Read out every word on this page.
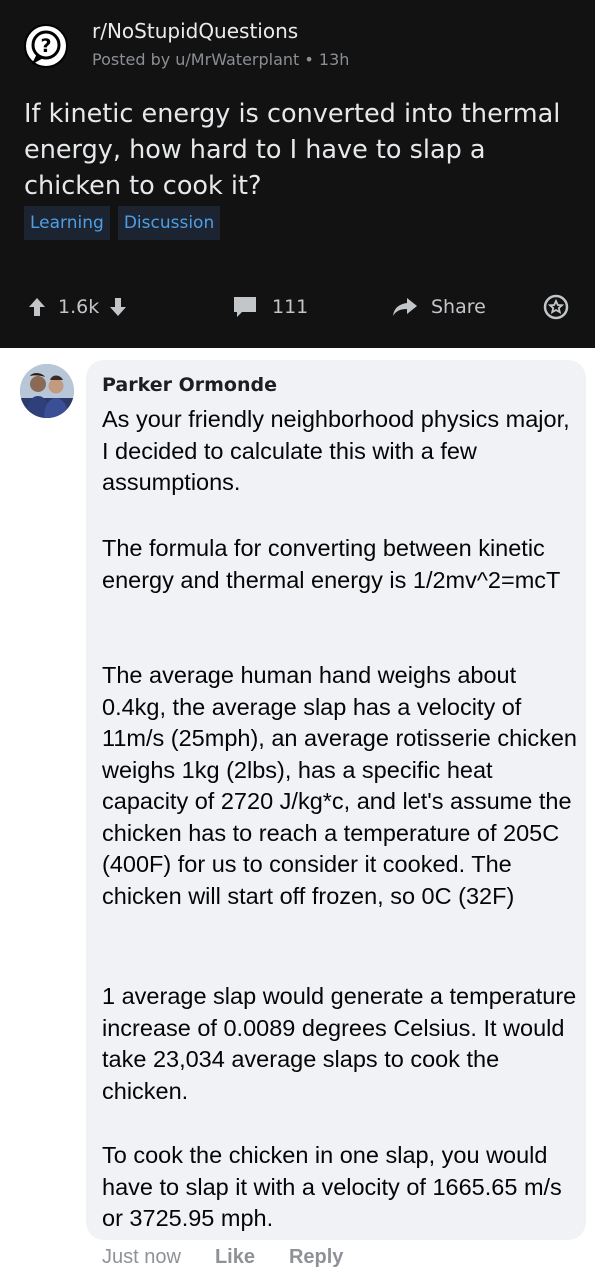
?
r/NoStupidQuestions
Posted by u/MrWaterplant • 13h
If kinetic energy is converted into thermal energy, how hard to I have to slap a chicken to cook it?
Learning	Discussion
1.6k	111	Share
Parker Ormonde

As your friendly neighborhood physics major, I decided to calculate this with a few assumptions.

The formula for converting between kinetic energy and thermal energy is 1/2mv^2=mcT

The average human hand weighs about 0.4kg, the average slap has a velocity of 11m/s (25mph), an average rotisserie chicken weighs 1kg (2lbs), has a specific heat capacity of 2720 J/kg*c, and let's assume the chicken has to reach a temperature of 205C (400F) for us to consider it cooked. The chicken will start off frozen, so 0C (32F)

1 average slap would generate a temperature increase of 0.0089 degrees Celsius. It would take 23,034 average slaps to cook the chicken.

To cook the chicken in one slap, you would have to slap it with a velocity of 1665.65 m/s or 3725.95 mph.

Just now Like Reply
